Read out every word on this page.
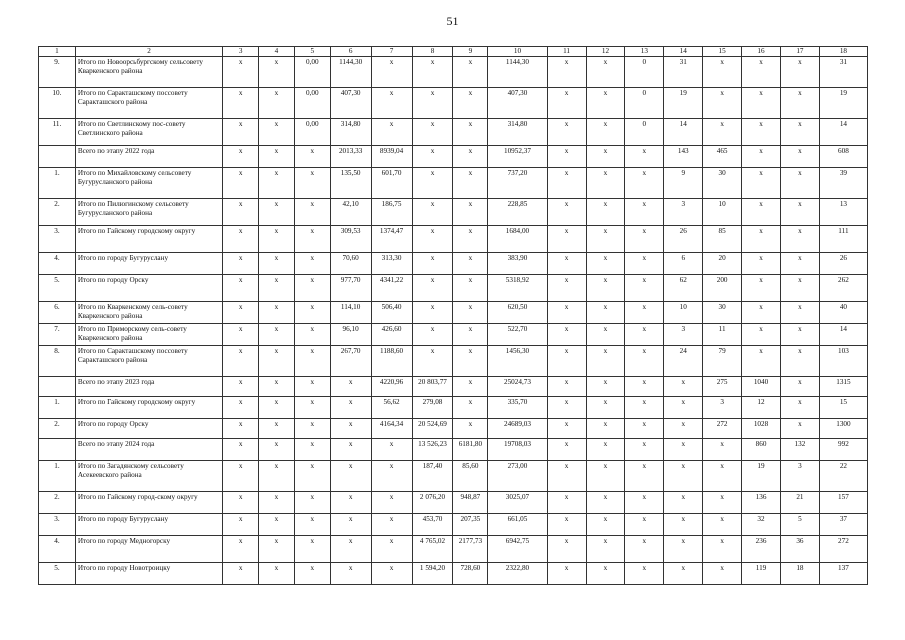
51
1	2	3	4	5	6	7	8	9	10	11	12	13	14	15	16	17	18
9.	Итого по Новоорсьбургскому сельсовету Кваркенского района	x	x	0,00	1144,30	x	x	x	1144,30	x	x	0	31	x	x	x	31
10.	Итого по Саракташскому поссовету Саракташского района	x	x	0,00	407,30	x	x	x	407,30	x	x	0	19	x	x	x	19
11.	Итого по Светлинскому пос-совету Светлинского района	x	x	0,00	314,80	x	x	x	314,80	x	x	0	14	x	x	x	14
	Всего по этапу 2022 года	x	x	x	2013,33	8939,04	x	x	10952,37	x	x	x	143	465	x	x	608
1.	Итого по Михайловскому сельсовету Бугурусланского района	x	x	x	135,50	601,70	x	x	737,20	x	x	x	9	30	x	x	39
2.	Итого по Пилюгинскому сельсовету Бугурусланского района	x	x	x	42,10	186,75	x	x	228,85	x	x	x	3	10	x	x	13
3.	Итого по Гайскому городскому округу	x	x	x	309,53	1374,47	x	x	1684,00	x	x	x	26	85	x	x	111
4.	Итого по городу Бугуруслану	x	x	x	70,60	313,30	x	x	383,90	x	x	x	6	20	x	x	26
5.	Итого по городу Орску	x	x	x	977,70	4341,22	x	x	5318,92	x	x	x	62	200	x	x	262
6.	Итого по Кваркенскому сель-совету Кваркенского района	x	x	x	114,10	506,40	x	x	620,50	x	x	x	10	30	x	x	40
7.	Итого по Приморскому сель-совету Кваркенского района	x	x	x	96,10	426,60	x	x	522,70	x	x	x	3	11	x	x	14
8.	Итого по Саракташскому поссовету Саракташского района	x	x	x	267,70	1188,60	x	x	1456,30	x	x	x	24	79	x	x	103
	Всего по этапу 2023 года	x	x	x	x	4220,96	20 803,77	x	25024,73	x	x	x	x	275	1040	x	1315
1.	Итого по Гайскому городскому округу	x	x	x	x	56,62	279,08	x	335,70	x	x	x	x	3	12	x	15
2.	Итого по городу Орску	x	x	x	x	4164,34	20 524,69	x	24689,03	x	x	x	x	272	1028	x	1300
	Всего по этапу 2024 года	x	x	x	x	x	13 526,23	6181,80	19708,03	x	x	x	x	x	860	132	992
1.	Итого по Загадянскому сельсовету Асекеевского района	x	x	x	x	x	187,40	85,60	273,00	x	x	x	x	x	19	3	22
2.	Итого по Гайскому город-скому округу	x	x	x	x	x	2 076,20	948,87	3025,07	x	x	x	x	x	136	21	157
3.	Итого по городу Бугуруслану	x	x	x	x	x	453,70	207,35	661,05	x	x	x	x	x	32	5	37
4.	Итого по городу Медногорску	x	x	x	x	x	4 765,02	2177,73	6942,75	x	x	x	x	x	236	36	272
5.	Итого по городу Новотроицку	x	x	x	x	x	1 594,20	728,60	2322,80	x	x	x	x	x	119	18	137
